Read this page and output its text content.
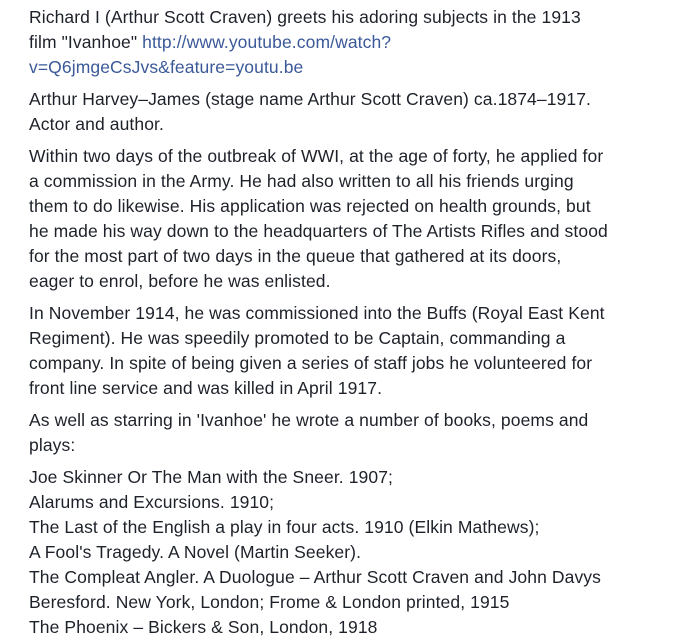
Richard I (Arthur Scott Craven) greets his adoring subjects in the 1913
film "Ivanhoe" http://www.youtube.com/watch?
v=Q6jmgeCsJvs&feature=youtu.be
Arthur Harvey–James (stage name Arthur Scott Craven) ca.1874–1917.
Actor and author.
Within two days of the outbreak of WWI, at the age of forty, he applied for
a commission in the Army. He had also written to all his friends urging
them to do likewise. His application was rejected on health grounds, but
he made his way down to the headquarters of The Artists Rifles and stood
for the most part of two days in the queue that gathered at its doors,
eager to enrol, before he was enlisted.
In November 1914, he was commissioned into the Buffs (Royal East Kent
Regiment). He was speedily promoted to be Captain, commanding a
company. In spite of being given a series of staff jobs he volunteered for
front line service and was killed in April 1917.
As well as starring in 'Ivanhoe' he wrote a number of books, poems and
plays:
Joe Skinner Or The Man with the Sneer. 1907;
Alarums and Excursions. 1910;
The Last of the English a play in four acts. 1910 (Elkin Mathews);
A Fool's Tragedy. A Novel (Martin Seeker).
The Compleat Angler. A Duologue – Arthur Scott Craven and John Davys
Beresford. New York, London; Frome & London printed, 1915
The Phoenix – Bickers & Son, London, 1918
